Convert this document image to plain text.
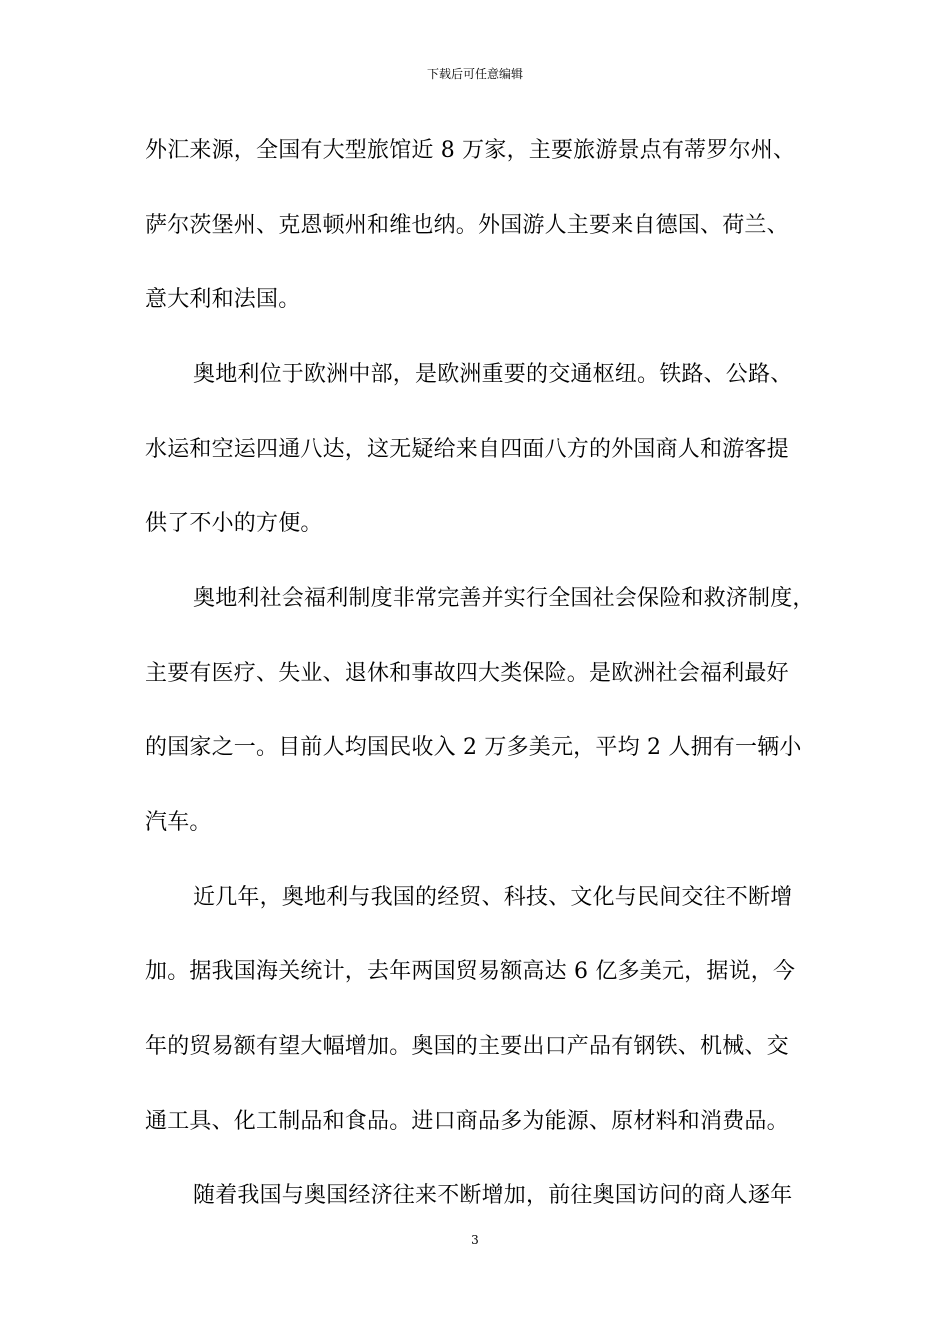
下载后可任意编辑
外汇来源，全国有大型旅馆近 8 万家，主要旅游景点有蒂罗尔州、
萨尔茨堡州、克恩顿州和维也纳。外国游人主要来自德国、荷兰、
意大利和法国。
奥地利位于欧洲中部，是欧洲重要的交通枢纽。铁路、公路、
水运和空运四通八达，这无疑给来自四面八方的外国商人和游客提
供了不小的方便。
奥地利社会福利制度非常完善并实行全国社会保险和救济制度，
主要有医疗、失业、退休和事故四大类保险。是欧洲社会福利最好
的国家之一。目前人均国民收入 2 万多美元，平均 2 人拥有一辆小
汽车。
近几年，奥地利与我国的经贸、科技、文化与民间交往不断增
加。据我国海关统计，去年两国贸易额高达 6 亿多美元，据说，今
年的贸易额有望大幅增加。奥国的主要出口产品有钢铁、机械、交
通工具、化工制品和食品。进口商品多为能源、原材料和消费品。
随着我国与奥国经济往来不断增加，前往奥国访问的商人逐年
3
